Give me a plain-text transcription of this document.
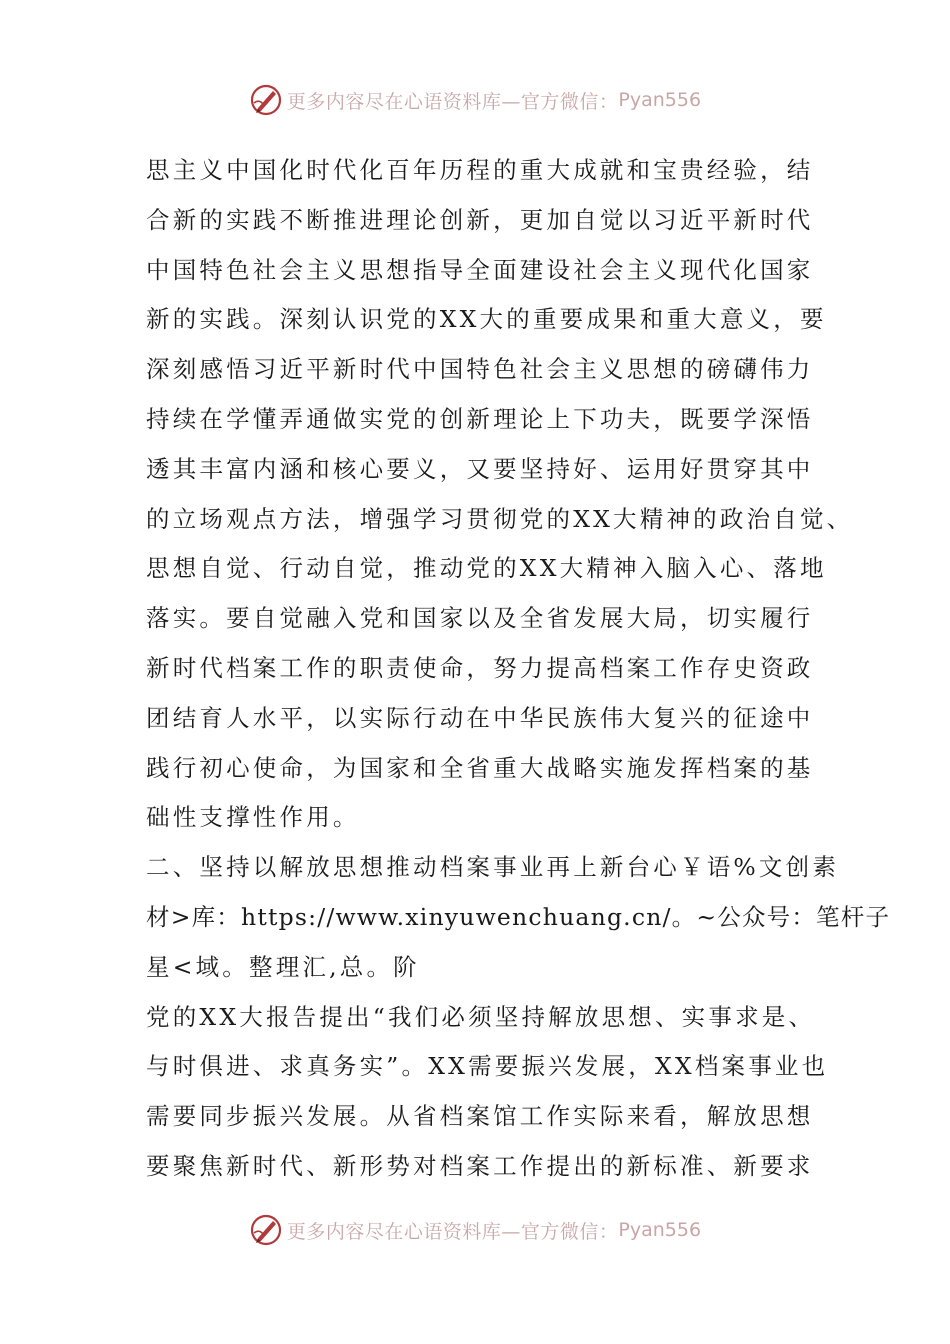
更多内容尽在心语资料库—官方微信： Pyan556
思主义中国化时代化百年历程的重大成就和宝贵经验，结
合新的实践不断推进理论创新，更加自觉以习近平新时代
中国特色社会主义思想指导全面建设社会主义现代化国家
新的实践。深刻认识党的XX大的重要成果和重大意义，要
深刻感悟习近平新时代中国特色社会主义思想的磅礴伟力
持续在学懂弄通做实党的创新理论上下功夫，既要学深悟
透其丰富内涵和核心要义，又要坚持好、运用好贯穿其中
的立场观点方法，增强学习贯彻党的XX大精神的政治自觉、
思想自觉、行动自觉，推动党的XX大精神入脑入心、落地
落实。要自觉融入党和国家以及全省发展大局，切实履行
新时代档案工作的职责使命，努力提高档案工作存史资政
团结育人水平，以实际行动在中华民族伟大复兴的征途中
践行初心使命，为国家和全省重大战略实施发挥档案的基
础性支撑性作用。
二、坚持以解放思想推动档案事业再上新台心￥语%文创素
材>库：https://www.xinyuwenchuang.cn/。~公众号：笔杆子
星<域。整理汇,总。阶
党的XX大报告提出“我们必须坚持解放思想、实事求是、
与时俱进、求真务实”。XX需要振兴发展，XX档案事业也
需要同步振兴发展。从省档案馆工作实际来看，解放思想
要聚焦新时代、新形势对档案工作提出的新标准、新要求
更多内容尽在心语资料库—官方微信： Pyan556
